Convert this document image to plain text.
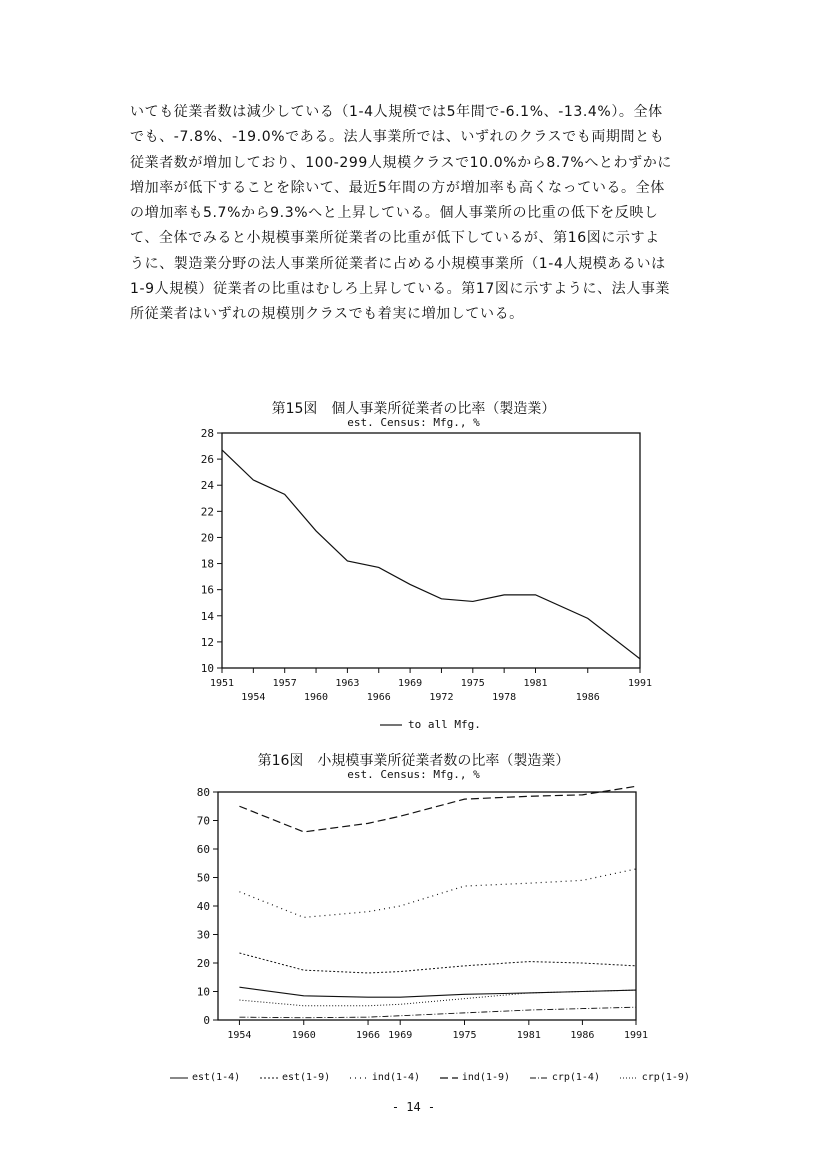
いても従業者数は減少している（1-4人規模では5年間で-6.1%、-13.4%）。全体

でも、-7.8%、-19.0%である。法人事業所では、いずれのクラスでも両期間とも

従業者数が増加しており、100-299人規模クラスで10.0%から8.7%へとわずかに

増加率が低下することを除いて、最近5年間の方が増加率も高くなっている。全体

の増加率も5.7%から9.3%へと上昇している。個人事業所の比重の低下を反映し

て、全体でみると小規模事業所従業者の比重が低下しているが、第16図に示すよ

うに、製造業分野の法人事業所従業者に占める小規模事業所（1-4人規模あるいは

1-9人規模）従業者の比重はむしろ上昇している。第17図に示すように、法人事業

所従業者はいずれの規模別クラスでも着実に増加している。

第15図　個人事業所従業者の比率（製造業）
est. Census: Mfg., %
28
26
24
22
20
18
16
14
12
10
1951	1957	1963	1969	1975	1981	1991
1954	1960	1966	1972	1978	1986
to all Mfg.
第16図　小規模事業所従業者数の比率（製造業）
est. Census: Mfg., %
80
70
60
50
40
30
20
10
0
1954	1960	1966 1969	1975	1981	1986	1991
est(1-4)	est(1-9)	ind(1-4)	ind(1-9)	crp(1-4)	crp(1-9)
- 14 -
